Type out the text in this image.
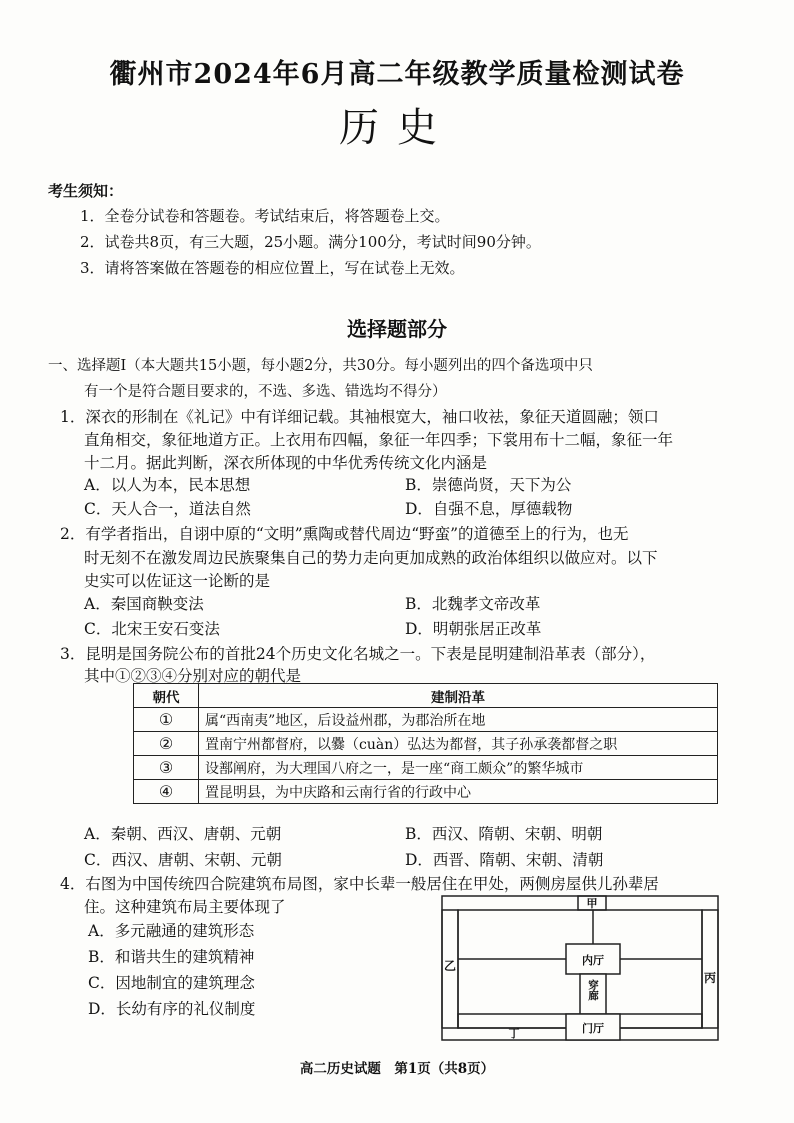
衢州市2024年6月高二年级教学质量检测试卷
历史
考生须知：
1．全卷分试卷和答题卷。考试结束后，将答题卷上交。
2．试卷共8页，有三大题，25小题。满分100分，考试时间90分钟。
3．请将答案做在答题卷的相应位置上，写在试卷上无效。
选择题部分
一、选择题Ⅰ（本大题共15小题，每小题2分，共30分。每小题列出的四个备选项中只
有一个是符合题目要求的，不选、多选、错选均不得分）
1．深衣的形制在《礼记》中有详细记载。其袖根宽大，袖口收祛，象征天道圆融；领口
直角相交，象征地道方正。上衣用布四幅，象征一年四季；下裳用布十二幅，象征一年
十二月。据此判断，深衣所体现的中华优秀传统文化内涵是
A．以人为本，民本思想	B．崇德尚贤，天下为公
C．天人合一，道法自然	D．自强不息，厚德载物
2．有学者指出，自诩中原的“文明”熏陶或替代周边“野蛮”的道德至上的行为，也无
时无刻不在激发周边民族聚集自己的势力走向更加成熟的政治体组织以做应对。以下
史实可以佐证这一论断的是
A．秦国商鞅变法	B．北魏孝文帝改革
C．北宋王安石变法	D．明朝张居正改革
3．昆明是国务院公布的首批24个历史文化名城之一。下表是昆明建制沿革表（部分），
其中①②③④分别对应的朝代是
朝代	建制沿革
①	属“西南夷”地区，后设益州郡，为郡治所在地
②	置南宁州都督府，以爨（cuàn）弘达为都督，其子孙承袭都督之职
③	设鄯阐府，为大理国八府之一，是一座“商工颇众”的繁华城市
④	置昆明县，为中庆路和云南行省的行政中心
A．秦朝、西汉、唐朝、元朝	B．西汉、隋朝、宋朝、明朝
C．西汉、唐朝、宋朝、元朝	D．西晋、隋朝、宋朝、清朝
4．右图为中国传统四合院建筑布局图，家中长辈一般居住在甲处，两侧房屋供儿孙辈居
住。这种建筑布局主要体现了
A．多元融通的建筑形态
B．和谐共生的建筑精神
C．因地制宜的建筑理念
D．长幼有序的礼仪制度
甲
乙
丙
丁
内厅
穿廊
门厅
高二历史试题　第1页（共8页）
